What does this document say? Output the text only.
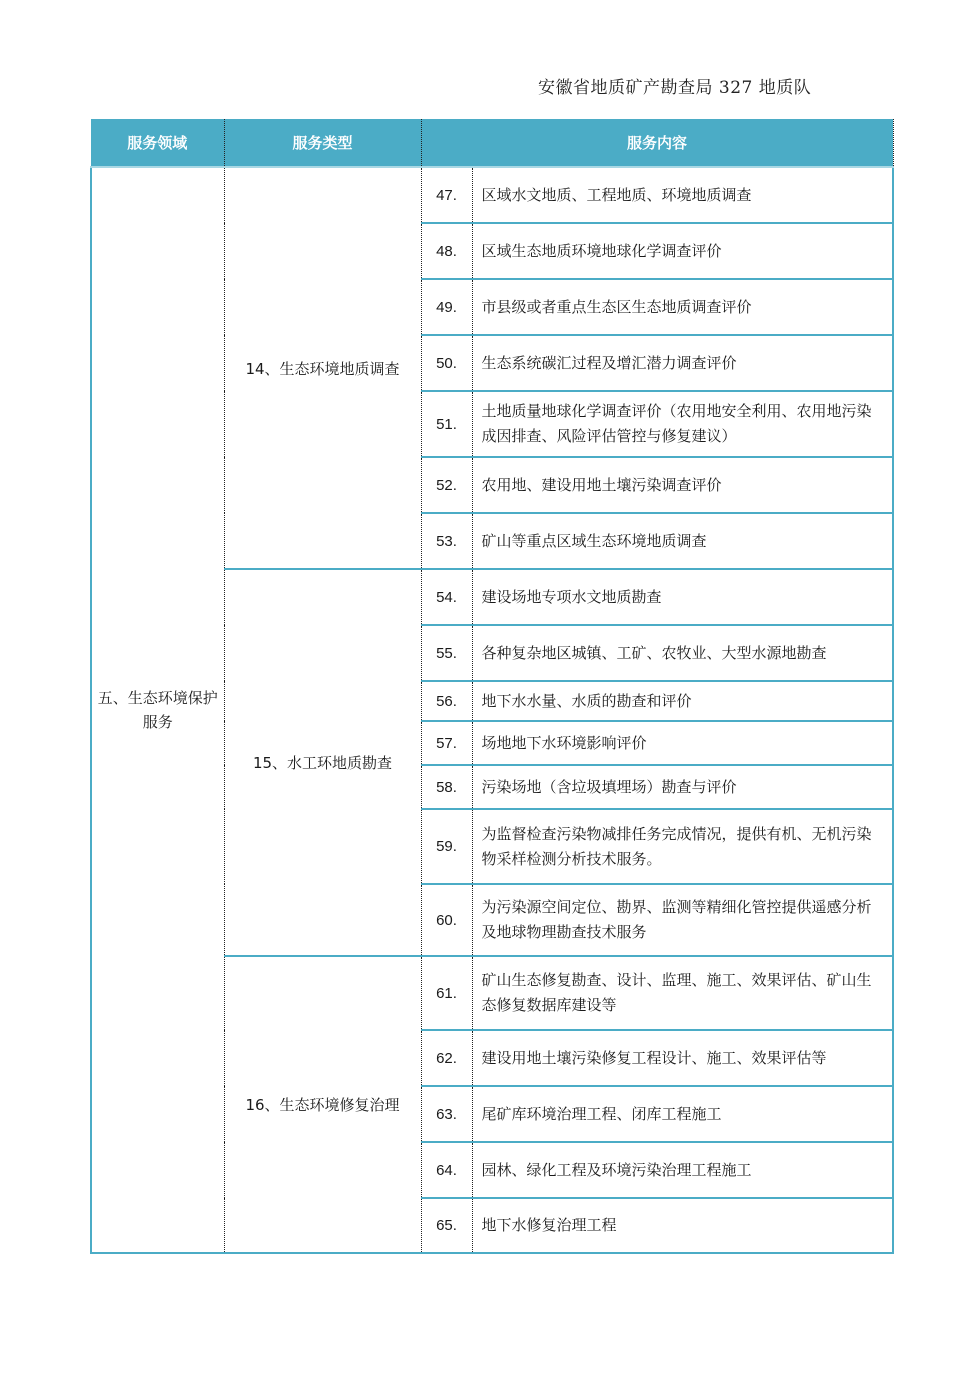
安徽省地质矿产勘查局 327 地质队
服务领域	服务类型	服务内容	
五、生态环境保护服务	14、生态环境地质调查	47.	区域水文地质、工程地质、环境地质调查
		48.	区域生态地质环境地球化学调查评价
		49.	市县级或者重点生态区生态地质调查评价
		50.	生态系统碳汇过程及增汇潜力调查评价
		51.	土地质量地球化学调查评价（农用地安全利用、农用地污染成因排查、风险评估管控与修复建议）
		52.	农用地、建设用地土壤污染调查评价
		53.	矿山等重点区域生态环境地质调查
	15、水工环地质勘查	54.	建设场地专项水文地质勘查
		55.	各种复杂地区城镇、工矿、农牧业、大型水源地勘查
		56.	地下水水量、水质的勘查和评价
		57.	场地地下水环境影响评价
		58.	污染场地（含垃圾填埋场）勘查与评价
		59.	为监督检查污染物减排任务完成情况，提供有机、无机污染物采样检测分析技术服务。
		60.	为污染源空间定位、勘界、监测等精细化管控提供遥感分析及地球物理勘查技术服务
	16、生态环境修复治理	61.	矿山生态修复勘查、设计、监理、施工、效果评估、矿山生态修复数据库建设等
		62.	建设用地土壤污染修复工程设计、施工、效果评估等
		63.	尾矿库环境治理工程、闭库工程施工
		64.	园林、绿化工程及环境污染治理工程施工
		65.	地下水修复治理工程
